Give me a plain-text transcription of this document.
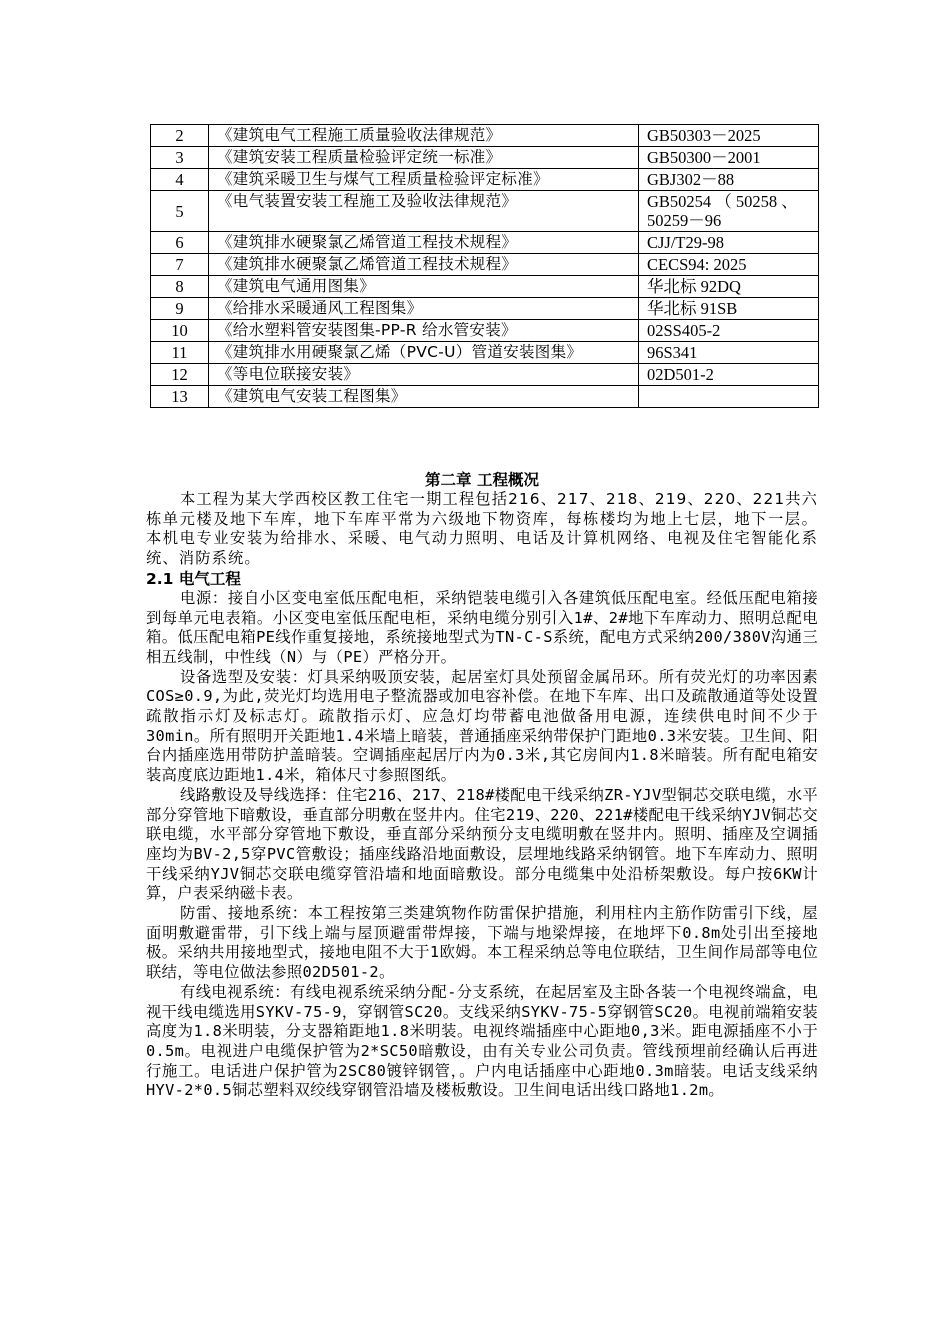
2	《建筑电气工程施工质量验收法律规范》	GB50303－2025
3	《建筑安装工程质量检验评定统一标准》	GB50300－2001
4	《建筑采暖卫生与煤气工程质量检验评定标准》	GBJ302－88
5	《电气装置安装工程施工及验收法律规范》	GB50254 （ 50258 、50259－96
6	《建筑排水硬聚氯乙烯管道工程技术规程》	CJJ/T29-98
7	《建筑排水硬聚氯乙烯管道工程技术规程》	CECS94: 2025
8	《建筑电气通用图集》	华北标 92DQ
9	《给排水采暖通风工程图集》	华北标 91SB
10	《给水塑料管安装图集-PP-R 给水管安装》	02SS405-2
11	《建筑排水用硬聚氯乙烯（PVC-U）管道安装图集》	96S341
12	《等电位联接安装》	02D501-2
13	《建筑电气安装工程图集》	
第二章 工程概况

本工程为某大学西校区教工住宅一期工程包括216、217、218、219、220、221共六栋单元楼及地下车库，地下车库平常为六级地下物资库，每栋楼均为地上七层，地下一层。本机电专业安装为给排水、采暖、电气动力照明、电话及计算机网络、电视及住宅智能化系统、消防系统。

2.1 电气工程

电源：接自小区变电室低压配电柜，采纳铠装电缆引入各建筑低压配电室。经低压配电箱接到每单元电表箱。小区变电室低压配电柜，采纳电缆分别引入1#、2#地下车库动力、照明总配电箱。低压配电箱PE线作重复接地，系统接地型式为TN-C-S系统，配电方式采纳200/380V沟通三相五线制，中性线（N）与（PE）严格分开。

设备选型及安装：灯具采纳吸顶安装，起居室灯具处预留金属吊环。所有荧光灯的功率因素COS≥0.9,为此,荧光灯均选用电子整流器或加电容补偿。在地下车库、出口及疏散通道等处设置疏散指示灯及标志灯。疏散指示灯、应急灯均带蓄电池做备用电源，连续供电时间不少于30min。所有照明开关距地1.4米墙上暗装，普通插座采纳带保护门距地0.3米安装。卫生间、阳台内插座选用带防护盖暗装。空调插座起居厅内为0.3米,其它房间内1.8米暗装。所有配电箱安装高度底边距地1.4米，箱体尺寸参照图纸。

线路敷设及导线选择：住宅216、217、218#楼配电干线采纳ZR-YJV型铜芯交联电缆，水平部分穿管地下暗敷设，垂直部分明敷在竖井内。住宅219、220、221#楼配电干线采纳YJV铜芯交联电缆，水平部分穿管地下敷设，垂直部分采纳预分支电缆明敷在竖井内。照明、插座及空调插座均为BV-2,5穿PVC管敷设；插座线路沿地面敷设，层埋地线路采纳钢管。地下车库动力、照明干线采纳YJV铜芯交联电缆穿管沿墙和地面暗敷设。部分电缆集中处沿桥架敷设。每户按6KW计算，户表采纳磁卡表。

防雷、接地系统：本工程按第三类建筑物作防雷保护措施，利用柱内主筋作防雷引下线，屋面明敷避雷带，引下线上端与屋顶避雷带焊接，下端与地梁焊接，在地坪下0.8m处引出至接地极。采纳共用接地型式，接地电阻不大于1欧姆。本工程采纳总等电位联结，卫生间作局部等电位联结，等电位做法参照02D501-2。

有线电视系统：有线电视系统采纳分配-分支系统，在起居室及主卧各装一个电视终端盒，电视干线电缆选用SYKV-75-9，穿钢管SC20。支线采纳SYKV-75-5穿钢管SC20。电视前端箱安装高度为1.8米明装，分支器箱距地1.8米明装。电视终端插座中心距地0,3米。距电源插座不小于0.5m。电视进户电缆保护管为2*SC50暗敷设，由有关专业公司负责。管线预埋前经确认后再进行施工。电话进户保护管为2SC80镀锌钢管，。户内电话插座中心距地0.3m暗装。电话支线采纳HYV-2*0.5铜芯塑料双绞线穿钢管沿墙及楼板敷设。卫生间电话出线口路地1.2m。
